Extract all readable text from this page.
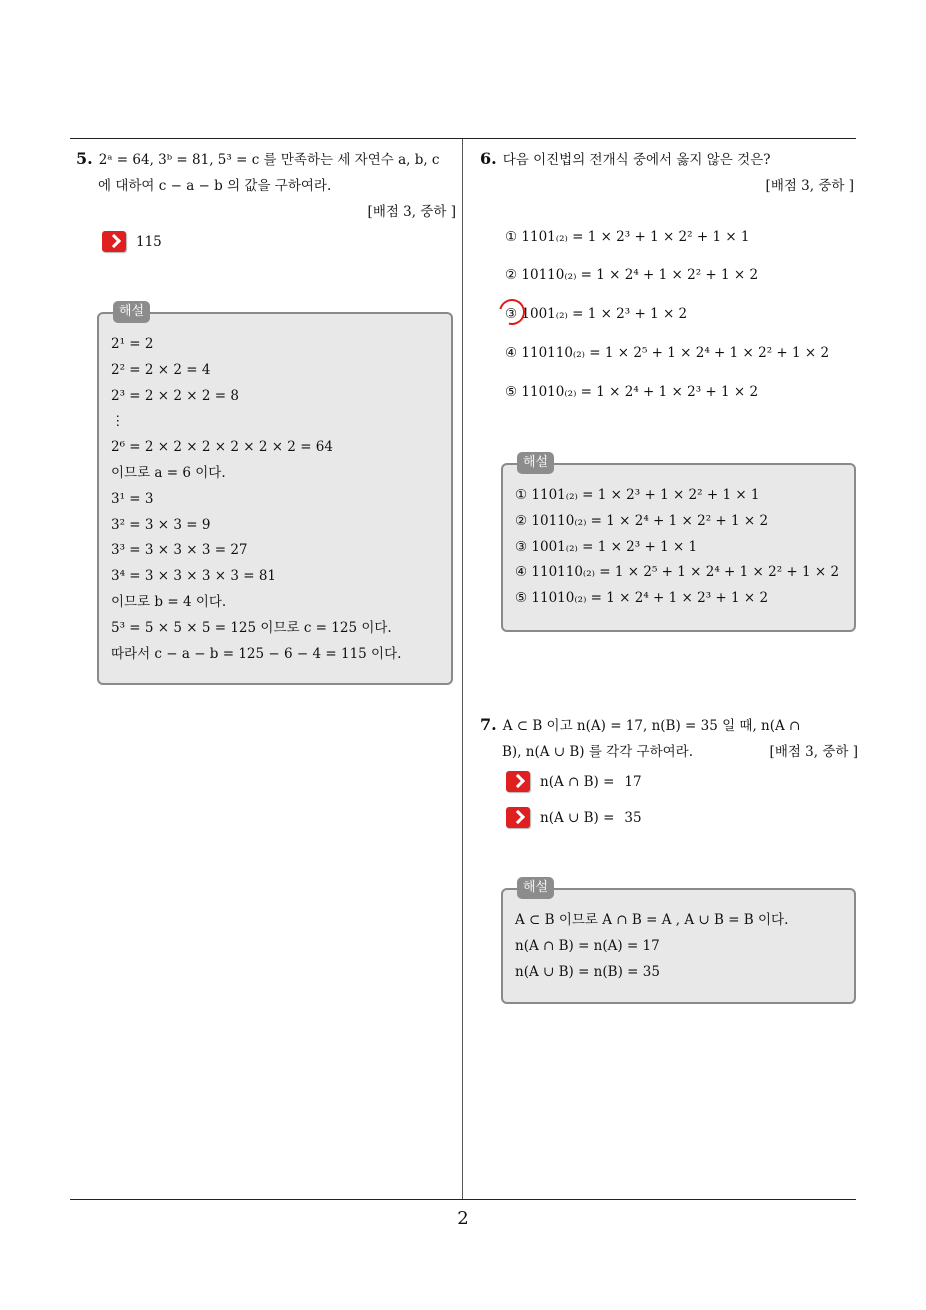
2
5. 2ᵃ = 64, 3ᵇ = 81, 5³ = c 를 만족하는 세 자연수 a, b, c
에 대하여 c − a − b 의 값을 구하여라.
[배점 3, 중하 ]
115
해설
2¹ = 2
2² = 2 × 2 = 4
2³ = 2 × 2 × 2 = 8
⋮
2⁶ = 2 × 2 × 2 × 2 × 2 × 2 = 64
이므로 a = 6 이다.
3¹ = 3
3² = 3 × 3 = 9
3³ = 3 × 3 × 3 = 27
3⁴ = 3 × 3 × 3 × 3 = 81
이므로 b = 4 이다.
5³ = 5 × 5 × 5 = 125 이므로 c = 125 이다.
따라서 c − a − b = 125 − 6 − 4 = 115 이다.
6. 다음 이진법의 전개식 중에서 옳지 않은 것은?
[배점 3, 중하 ]
① 1101₍₂₎ = 1 × 2³ + 1 × 2² + 1 × 1
② 10110₍₂₎ = 1 × 2⁴ + 1 × 2² + 1 × 2
③ 1001₍₂₎ = 1 × 2³ + 1 × 2
④ 110110₍₂₎ = 1 × 2⁵ + 1 × 2⁴ + 1 × 2² + 1 × 2
⑤ 11010₍₂₎ = 1 × 2⁴ + 1 × 2³ + 1 × 2
해설
① 1101₍₂₎ = 1 × 2³ + 1 × 2² + 1 × 1
② 10110₍₂₎ = 1 × 2⁴ + 1 × 2² + 1 × 2
③ 1001₍₂₎ = 1 × 2³ + 1 × 1
④ 110110₍₂₎ = 1 × 2⁵ + 1 × 2⁴ + 1 × 2² + 1 × 2
⑤ 11010₍₂₎ = 1 × 2⁴ + 1 × 2³ + 1 × 2
7. A ⊂ B 이고 n(A) = 17, n(B) = 35 일 때, n(A ∩
B), n(A ∪ B) 를 각각 구하여라.	[배점 3, 중하 ]
n(A ∩ B) = 17
n(A ∪ B) = 35
해설
A ⊂ B 이므로 A ∩ B = A , A ∪ B = B 이다.
n(A ∩ B) = n(A) = 17
n(A ∪ B) = n(B) = 35
